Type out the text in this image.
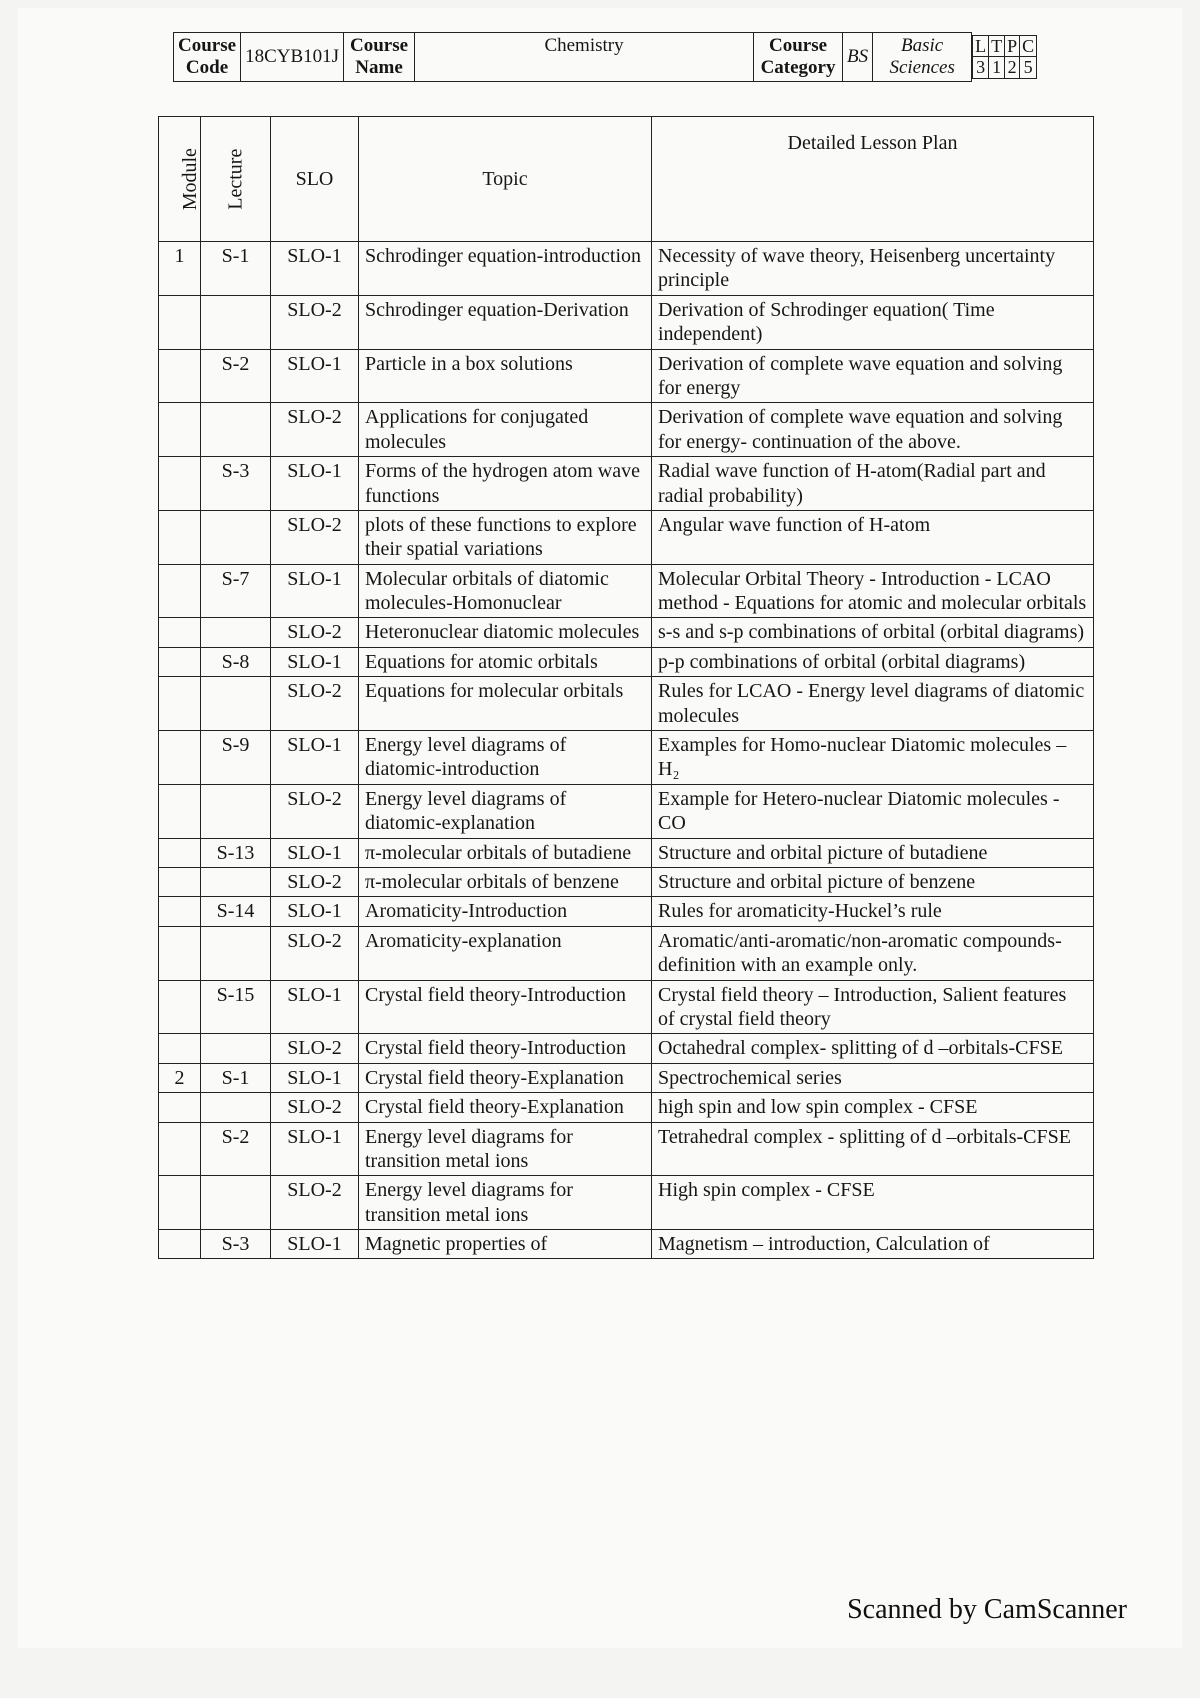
Course Code	18CYB101J	Course Name	Chemistry	Course Category	BS	Basic Sciences	
L	T	P	C
3	1	2	5
Module	Lecture	SLO	Topic	Detailed Lesson Plan
1	S-1	SLO-1	Schrodinger equation-introduction	Necessity of wave theory, Heisenberg uncertainty principle
		SLO-2	Schrodinger equation-Derivation	Derivation of Schrodinger equation( Time independent)
	S-2	SLO-1	Particle in a box solutions	Derivation of complete wave equation and solving for energy
		SLO-2	Applications for conjugated molecules	Derivation of complete wave equation and solving for energy- continuation of the above.
	S-3	SLO-1	Forms of the hydrogen atom wave functions	Radial wave function of H-atom(Radial part and radial probability)
		SLO-2	plots of these functions to explore their spatial variations	Angular wave function of H-atom
	S-7	SLO-1	Molecular orbitals of diatomic molecules-Homonuclear	Molecular Orbital Theory - Introduction - LCAO method - Equations for atomic and molecular orbitals
		SLO-2	Heteronuclear diatomic molecules	s-s and s-p combinations of orbital (orbital diagrams)
	S-8	SLO-1	Equations for atomic orbitals	p-p combinations of orbital (orbital diagrams)
		SLO-2	Equations for molecular orbitals	Rules for LCAO - Energy level diagrams of diatomic molecules
	S-9	SLO-1	Energy level diagrams of diatomic-introduction	Examples for Homo-nuclear Diatomic molecules –H₂
		SLO-2	Energy level diagrams of diatomic-explanation	Example for Hetero-nuclear Diatomic molecules - CO
	S-13	SLO-1	π-molecular orbitals of butadiene	Structure and orbital picture of butadiene
		SLO-2	π-molecular orbitals of benzene	Structure and orbital picture of benzene
	S-14	SLO-1	Aromaticity-Introduction	Rules for aromaticity-Huckel’s rule
		SLO-2	Aromaticity-explanation	Aromatic/anti-aromatic/non-aromatic compounds- definition with an example only.
	S-15	SLO-1	Crystal field theory-Introduction	Crystal field theory – Introduction, Salient features of crystal field theory
		SLO-2	Crystal field theory-Introduction	Octahedral complex- splitting of d –orbitals-CFSE
2	S-1	SLO-1	Crystal field theory-Explanation	Spectrochemical series
		SLO-2	Crystal field theory-Explanation	high spin and low spin complex - CFSE
	S-2	SLO-1	Energy level diagrams for transition metal ions	Tetrahedral complex - splitting of d –orbitals-CFSE
		SLO-2	Energy level diagrams for transition metal ions	High spin complex - CFSE
	S-3	SLO-1	Magnetic properties of	Magnetism – introduction, Calculation of
Scanned by CamScanner
